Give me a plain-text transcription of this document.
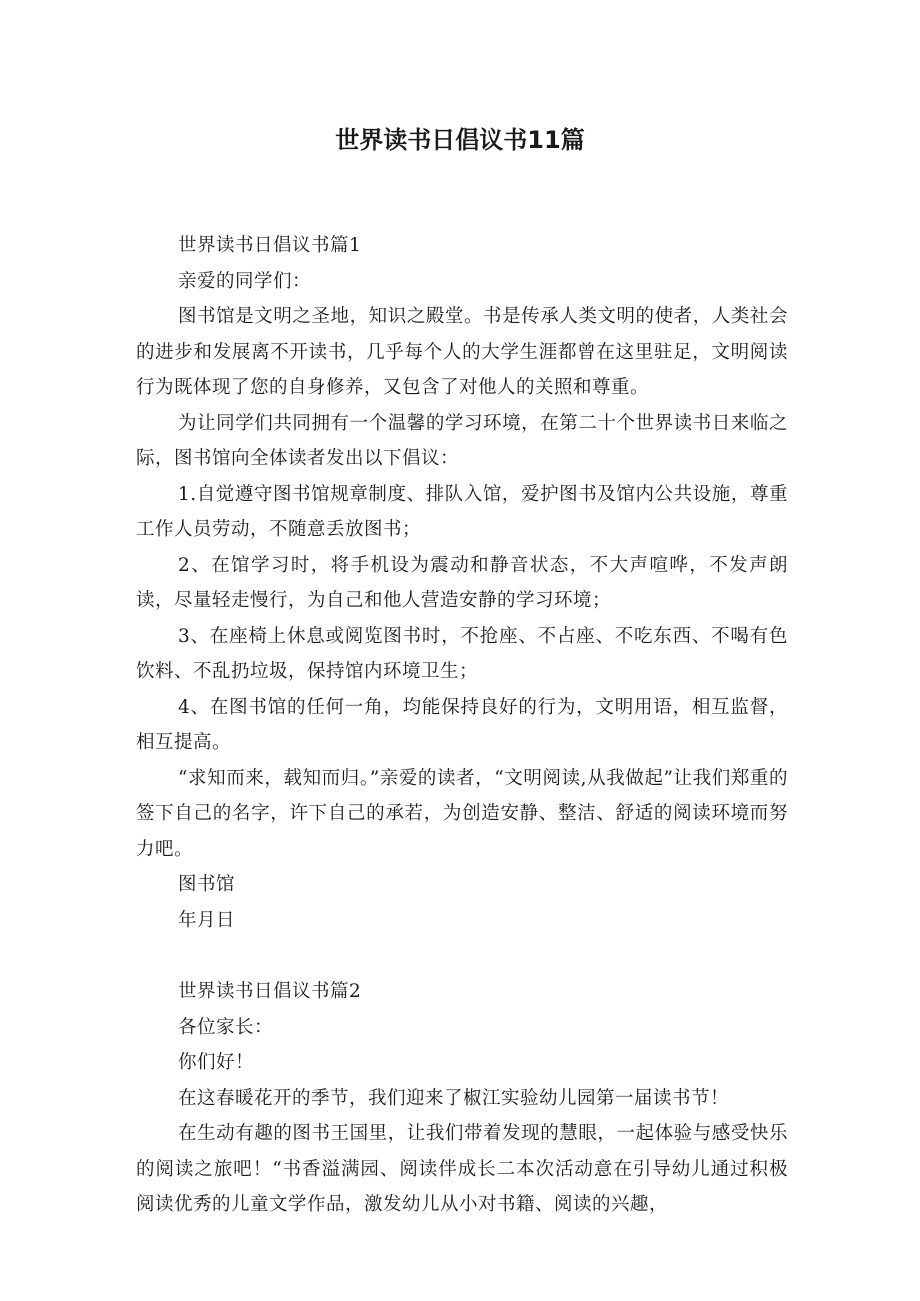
世界读书日倡议书11篇

世界读书日倡议书篇1

亲爱的同学们：

图书馆是文明之圣地，知识之殿堂。书是传承人类文明的使者，人类社会的进步和发展离不开读书，几乎每个人的大学生涯都曾在这里驻足，文明阅读行为既体现了您的自身修养，又包含了对他人的关照和尊重。

为让同学们共同拥有一个温馨的学习环境，在第二十个世界读书日来临之际，图书馆向全体读者发出以下倡议：

1.自觉遵守图书馆规章制度、排队入馆，爱护图书及馆内公共设施，尊重工作人员劳动，不随意丢放图书；

2、在馆学习时，将手机设为震动和静音状态，不大声喧哗，不发声朗读，尽量轻走慢行，为自己和他人营造安静的学习环境；

3、在座椅上休息或阅览图书时，不抢座、不占座、不吃东西、不喝有色饮料、不乱扔垃圾，保持馆内环境卫生；

4、在图书馆的任何一角，均能保持良好的行为，文明用语，相互监督，相互提高。

“求知而来，载知而归。”亲爱的读者，“文明阅读,从我做起”让我们郑重的签下自己的名字，许下自己的承若，为创造安静、整洁、舒适的阅读环境而努力吧。

图书馆

年月日

世界读书日倡议书篇2

各位家长：

你们好！

在这春暖花开的季节，我们迎来了椒江实验幼儿园第一届读书节！

在生动有趣的图书王国里，让我们带着发现的慧眼，一起体验与感受快乐的阅读之旅吧！“书香溢满园、阅读伴成长二本次活动意在引导幼儿通过积极阅读优秀的儿童文学作品，激发幼儿从小对书籍、阅读的兴趣，
